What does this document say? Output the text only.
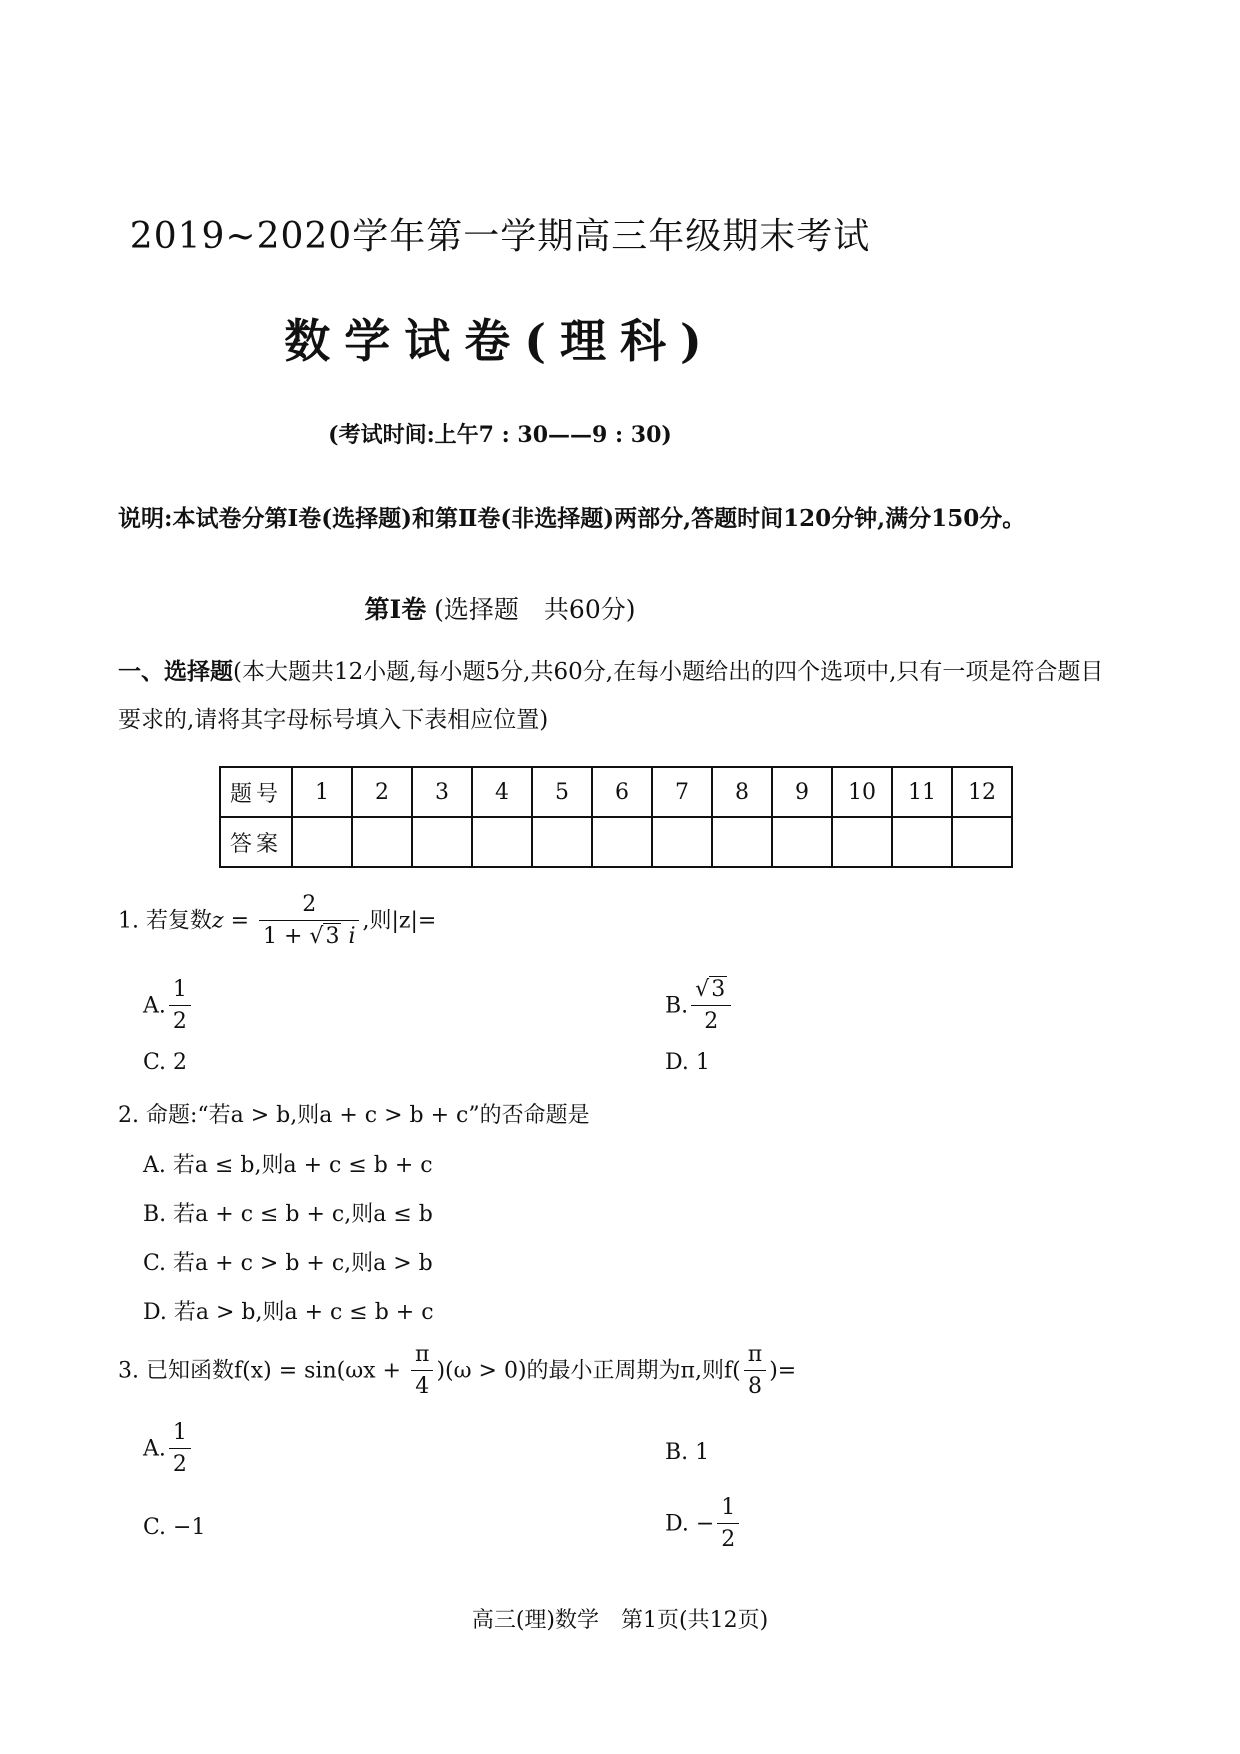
2019~2020学年第一学期高三年级期末考试
数学试卷(理科)
(考试时间:上午7 : 30——9 : 30)
说明:本试卷分第Ⅰ卷(选择题)和第Ⅱ卷(非选择题)两部分,答题时间120分钟,满分150分。
第Ⅰ卷 (选择题　共60分)
一、选择题(本大题共12小题,每小题5分,共60分,在每小题给出的四个选项中,只有一项是符合题目要求的,请将其字母标号填入下表相应位置)
题号	1	2	3	4	5	6	7	8	9	10	11	12
答案												
1. 若复数$z = \frac{2}{1 + √3 i}$ ,则|z|=
A. $\frac{1}{2}$	B. $\frac{√3}{2}$
C. 2	D. 1
2. 命题:“若a > b,则a + c > b + c”的否命题是
A. 若a ≤ b,则a + c ≤ b + c
B. 若a + c ≤ b + c,则a ≤ b
C. 若a + c > b + c,则a > b
D. 若a > b,则a + c ≤ b + c
3. 已知函数$f(x) = \sin(\omega x + \frac{\pi}{4} )(\omega > 0)$的最小正周期为π,则$f( \frac{\pi}{8}$ )=
A. $\frac{1}{2}$	B. 1
C. −1	D. − $\frac{1}{2}$
高三(理)数学　第1页(共12页)
